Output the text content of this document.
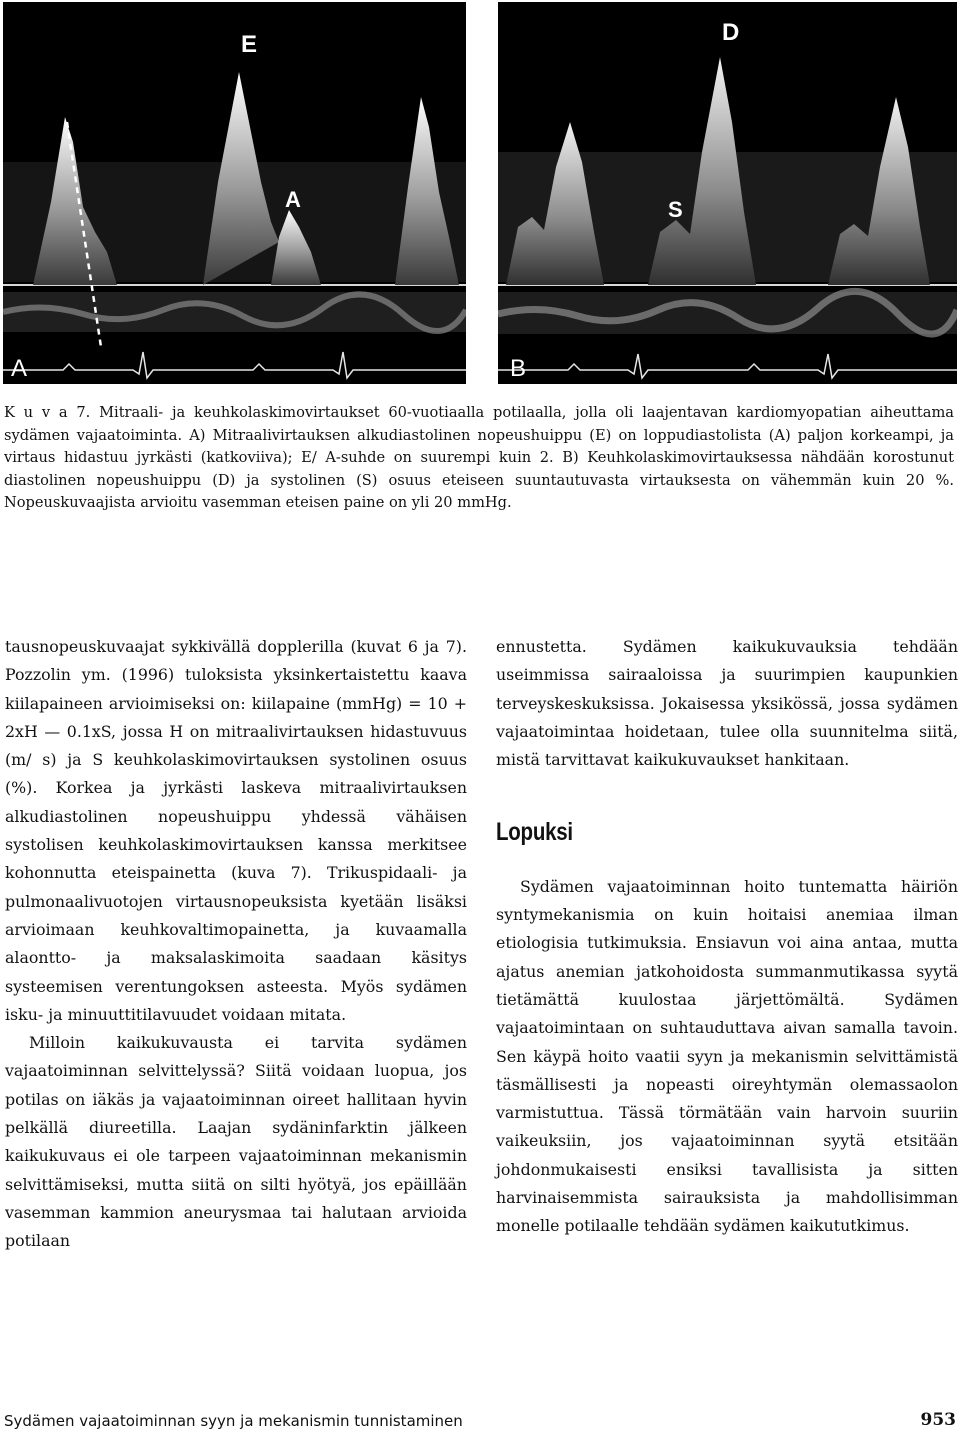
E
A
A
D
S
B

K u v a 7. Mitraali- ja keuhkolaskimovirtaukset 60-vuotiaalla potilaalla, jolla oli laajentavan kardiomyopatian aiheuttama sydämen vajaatoiminta. A) Mitraalivirtauksen alkudiastolinen nopeushuippu (E) on loppudiastolista (A) paljon korkeampi, ja virtaus hidastuu jyrkästi (katkoviiva); E/ A-suhde on suurempi kuin 2. B) Keuhkolaskimovirtauksessa nähdään korostunut diastolinen nopeushuippu (D) ja systolinen (S) osuus eteiseen suuntautuvasta virtauksesta on vähemmän kuin 20 %. Nopeuskuvaajista arvioitu vasemman eteisen paine on yli 20 mmHg.

tausnopeuskuvaajat sykkivällä dopplerilla (kuvat 6 ja 7). Pozzolin ym. (1996) tuloksista yksinkertaistettu kaava kiilapaineen arvioimiseksi on: kiilapaine (mmHg) = 10 + 2xH — 0.1xS, jossa H on mitraalivirtauksen hidastuvuus (m/ s) ja S keuhkolaskimovirtauksen systolinen osuus (%). Korkea ja jyrkästi laskeva mitraalivirtauksen alkudiastolinen nopeushuippu yhdessä vähäisen systolisen keuhkolaskimovirtauksen kanssa merkitsee kohonnutta eteispainetta (kuva 7). Trikuspidaali- ja pulmonaalivuotojen virtausnopeuksista kyetään lisäksi arvioimaan keuhkovaltimopainetta, ja kuvaamalla alaontto- ja maksalaskimoita saadaan käsitys systeemisen verentungoksen asteesta. Myös sydämen isku- ja minuuttitilavuudet voidaan mitata.

Milloin kaikukuvausta ei tarvita sydämen vajaatoiminnan selvittelyssä? Siitä voidaan luopua, jos potilas on iäkäs ja vajaatoiminnan oireet hallitaan hyvin pelkällä diureetilla. Laajan sydäninfarktin jälkeen kaikukuvaus ei ole tarpeen vajaatoiminnan mekanismin selvittämiseksi, mutta siitä on silti hyötyä, jos epäillään vasemman kammion aneurysmaa tai halutaan arvioida potilaan

ennustetta. Sydämen kaikukuvauksia tehdään useimmissa sairaaloissa ja suurimpien kaupunkien terveyskeskuksissa. Jokaisessa yksikössä, jossa sydämen vajaatoimintaa hoidetaan, tulee olla suunnitelma siitä, mistä tarvittavat kaikukuvaukset hankitaan.

Lopuksi

Sydämen vajaatoiminnan hoito tuntematta häiriön syntymekanismia on kuin hoitaisi anemiaa ilman etiologisia tutkimuksia. Ensiavun voi aina antaa, mutta ajatus anemian jatkohoidosta summanmutikassa syytä tietämättä kuulostaa järjettömältä. Sydämen vajaatoimintaan on suhtauduttava aivan samalla tavoin. Sen käypä hoito vaatii syyn ja mekanismin selvittämistä täsmällisesti ja nopeasti oireyhtymän olemassaolon varmistuttua. Tässä törmätään vain harvoin suuriin vaikeuksiin, jos vajaatoiminnan syytä etsitään johdonmukaisesti ensiksi tavallisista ja sitten harvinaisemmista sairauksista ja mahdollisimman monelle potilaalle tehdään sydämen kaikututkimus.

Sydämen vajaatoiminnan syyn ja mekanismin tunnistaminen	953
